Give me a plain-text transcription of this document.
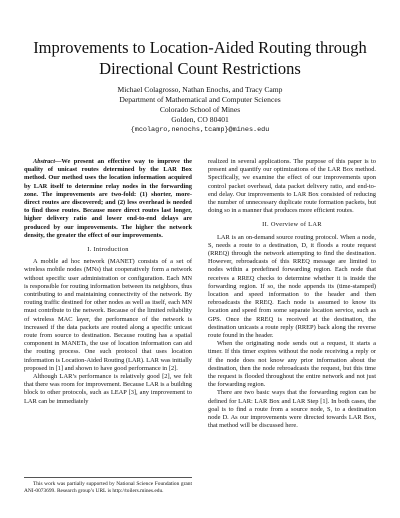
Improvements to Location-Aided Routing through Directional Count Restrictions
Michael Colagrosso, Nathan Enochs, and Tracy Camp
Department of Mathematical and Computer Sciences
Colorado School of Mines
Golden, CO 80401
{mcolagro,nenochs,tcamp}@mines.edu

Abstract—We present an effective way to improve the quality of unicast routes determined by the LAR Box method. Our method uses the location information acquired by LAR itself to determine relay nodes in the forwarding zone. The improvements are two-fold: (1) shorter, more-direct routes are discovered; and (2) less overhead is needed to find those routes. Because more direct routes last longer, higher delivery ratio and lower end-to-end delays are produced by our improvements. The higher the network density, the greater the effect of our improvements.

I. Introduction

A mobile ad hoc network (MANET) consists of a set of wireless mobile nodes (MNs) that cooperatively form a network without specific user administration or configuration. Each MN is responsible for routing information between its neighbors, thus contributing to and maintaining connectivity of the network. By routing traffic destined for other nodes as well as itself, each MN must contribute to the network. Because of the limited reliability of wireless MAC layer, the performance of the network is increased if the data packets are routed along a specific unicast route from source to destination. Because routing has a spatial component in MANETs, the use of location information can aid the routing process. One such protocol that uses location information is Location-Aided Routing (LAR). LAR was initially proposed in [1] and shown to have good performance in [2].

Although LAR’s performance is relatively good [2], we felt that there was room for improvement. Because LAR is a building block to other protocols, such as LEAP [3], any improvement to LAR can be immediately

This work was partially supported by National Science Foundation grant ANI-0073699. Research group’s URL is http://toilers.mines.edu.

realized in several applications. The purpose of this paper is to present and quantify our optimizations of the LAR Box method. Specifically, we examine the effect of our improvements upon control packet overhead, data packet delivery ratio, and end-to-end delay. Our improvements to LAR Box consisted of reducing the number of unnecessary duplicate route formation packets, but doing so in a manner that produces more efficient routes.

II. Overview of LAR

LAR is an on-demand source routing protocol. When a node, S, needs a route to a destination, D, it floods a route request (RREQ) through the network attempting to find the destination. However, rebroadcasts of this RREQ message are limited to nodes within a predefined forwarding region. Each node that receives a RREQ checks to determine whether it is inside the forwarding region. If so, the node appends its (time-stamped) location and speed information to the header and then rebroadcasts the RREQ. Each node is assumed to know its location and speed from some separate location service, such as GPS. Once the RREQ is received at the destination, the destination unicasts a route reply (RREP) back along the reverse route found in the header.

When the originating node sends out a request, it starts a timer. If this timer expires without the node receiving a reply or if the node does not know any prior information about the destination, then the node rebroadcasts the request, but this time the request is flooded throughout the entire network and not just the forwarding region.

There are two basic ways that the forwarding region can be defined for LAR: LAR Box and LAR Step [1]. In both cases, the goal is to find a route from a source node, S, to a destination node D. As our improvements were directed towards LAR Box, that method will be discussed here.
